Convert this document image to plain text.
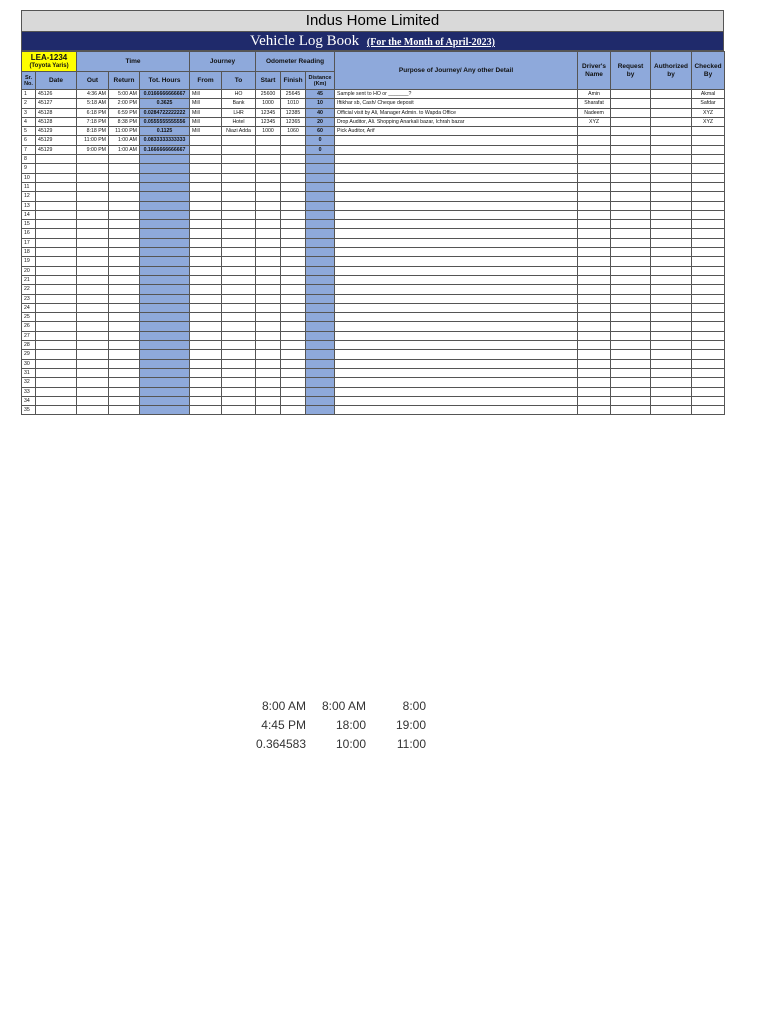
Indus Home Limited
Vehicle Log Book (For the Month of April-2023)
LEA-1234
(Toyota Yaris)		Time			Journey		Odometer Reading			Purpose of Journey/ Any other Detail	Driver's Name	Request by	Authorized by	Checked By
Sr. No.	Date	Out	Return	Tot. Hours	From	To	Start	Finish	Distance (Km)					
1	45126	4:36 AM	5:00 AM	0.0166666666667	Mill	HO	25600	25645	45	Sample sent to HO or _______?	Amin			Akmal
2	45127	5:18 AM	2:00 PM	0.3625	Mill	Bank	1000	1010	10	Iftikhar sb, Cash/ Cheque deposit	Sharafat			Safdar
3	45128	6:18 PM	6:59 PM	0.0284722222222	Mill	LHR	12345	12385	40	Official visit by Ali, Manager Admin. to Wapda Office	Nadeem			XYZ
4	45128	7:18 PM	8:38 PM	0.0555555555556	Mill	Hotel	12345	12365	20	Drop Auditor, Ali. Shopping Anarkali bazar, Ichrah bazar	XYZ			XYZ
5	45129	8:18 PM	11:00 PM	0.1125	Mill	Niazi Adda	1000	1060	60	Pick Auditor, Arif				
6	45129	11:00 PM	1:00 AM	0.0833333333333					0					
7	45129	9:00 PM	1:00 AM	0.1666666666667					0					
8														
9														
10														
11														
12														
13														
14														
15														
16														
17														
18														
19														
20														
21														
22														
23														
24														
25														
26														
27														
28														
29														
30														
31														
32														
33														
34														
35														
8:00 AM	8:00 AM	8:00
4:45 PM	18:00	19:00
0.364583	10:00	11:00
